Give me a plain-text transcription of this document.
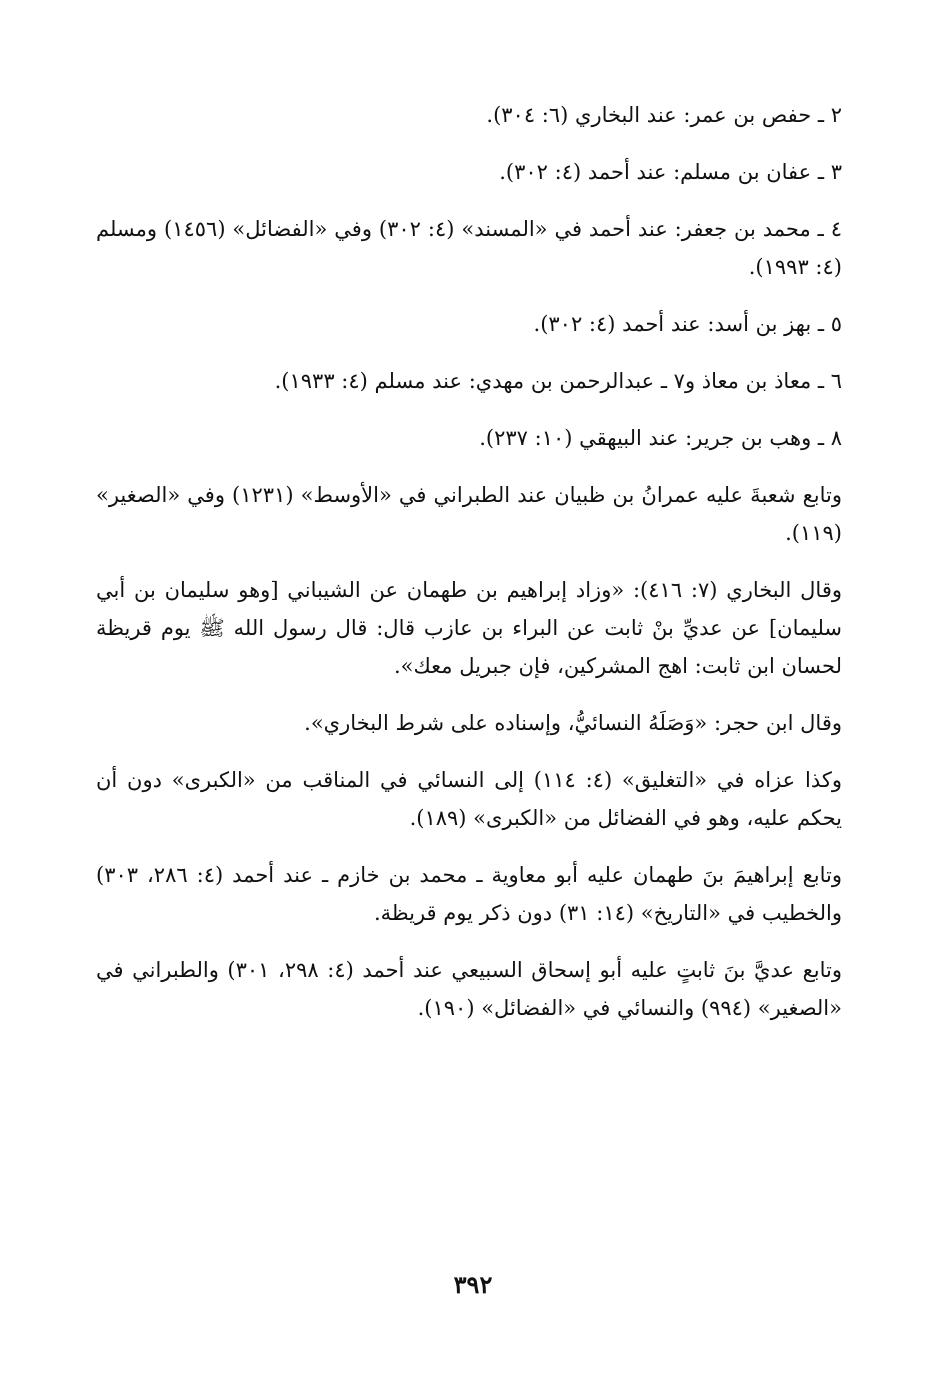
٢ ـ حفص بن عمر: عند البخاري (٦: ٣٠٤).

٣ ـ عفان بن مسلم: عند أحمد (٤: ٣٠٢).

٤ ـ محمد بن جعفر: عند أحمد في «المسند» (٤: ٣٠٢) وفي «الفضائل» (١٤٥٦) ومسلم (٤: ١٩٩٣).

٥ ـ بهز بن أسد: عند أحمد (٤: ٣٠٢).

٦ ـ معاذ بن معاذ و٧ ـ عبدالرحمن بن مهدي: عند مسلم (٤: ١٩٣٣).

٨ ـ وهب بن جرير: عند البيهقي (١٠: ٢٣٧).

وتابع شعبةَ عليه عمرانُ بن ظبيان عند الطبراني في «الأوسط» (١٢٣١) وفي «الصغير» (١١٩).

وقال البخاري (٧: ٤١٦): «وزاد إبراهيم بن طهمان عن الشيباني [وهو سليمان بن أبي سليمان] عن عديِّ بنْ ثابت عن البراء بن عازب قال: قال رسول الله ﷺ يوم قريظة لحسان ابن ثابت: اهج المشركين، فإن جبريل معك».

وقال ابن حجر: «وَصَلَهُ النسائيُّ، وإسناده على شرط البخاري».

وكذا عزاه في «التغليق» (٤: ١١٤) إلى النسائي في المناقب من «الكبرى» دون أن يحكم عليه، وهو في الفضائل من «الكبرى» (١٨٩).

وتابع إبراهيمَ بنَ طهمان عليه أبو معاوية ـ محمد بن خازم ـ عند أحمد (٤: ٢٨٦، ٣٠٣) والخطيب في «التاريخ» (١٤: ٣١) دون ذكر يوم قريظة.

وتابع عديَّ بنَ ثابتٍ عليه أبو إسحاق السبيعي عند أحمد (٤: ٢٩٨، ٣٠١) والطبراني في «الصغير» (٩٩٤) والنسائي في «الفضائل» (١٩٠).

٣٩٢
